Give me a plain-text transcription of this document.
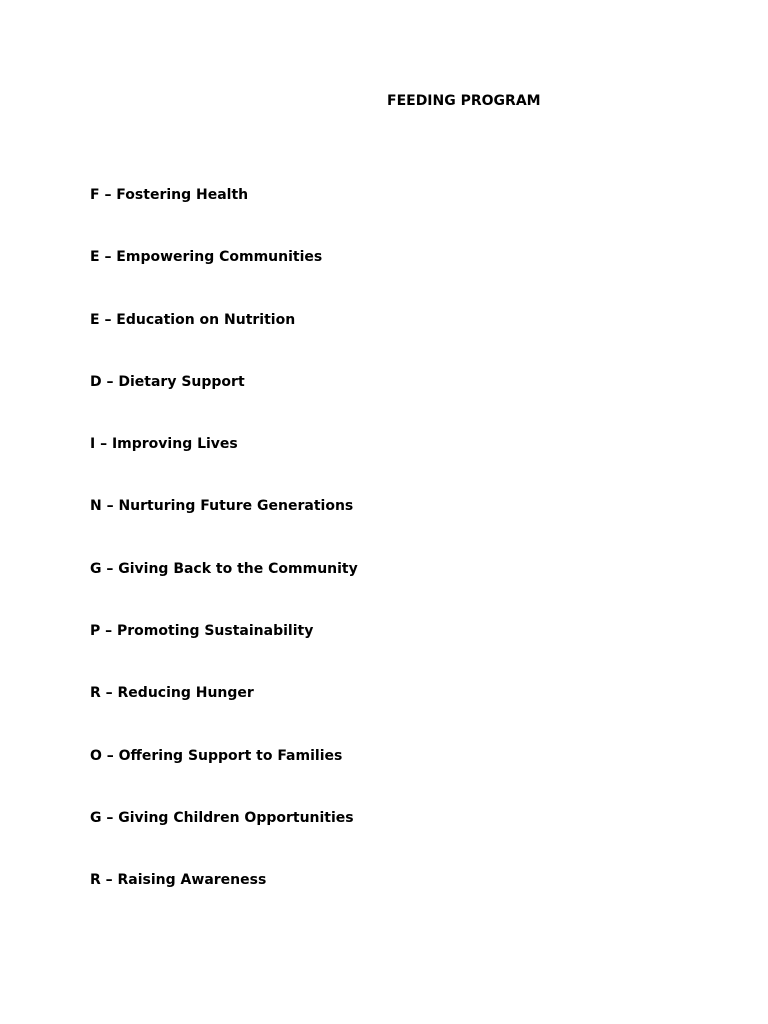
FEEDING PROGRAM
F – Fostering Health
E – Empowering Communities
E – Education on Nutrition
D – Dietary Support
I – Improving Lives
N – Nurturing Future Generations
G – Giving Back to the Community
P – Promoting Sustainability
R – Reducing Hunger
O – Offering Support to Families
G – Giving Children Opportunities
R – Raising Awareness
